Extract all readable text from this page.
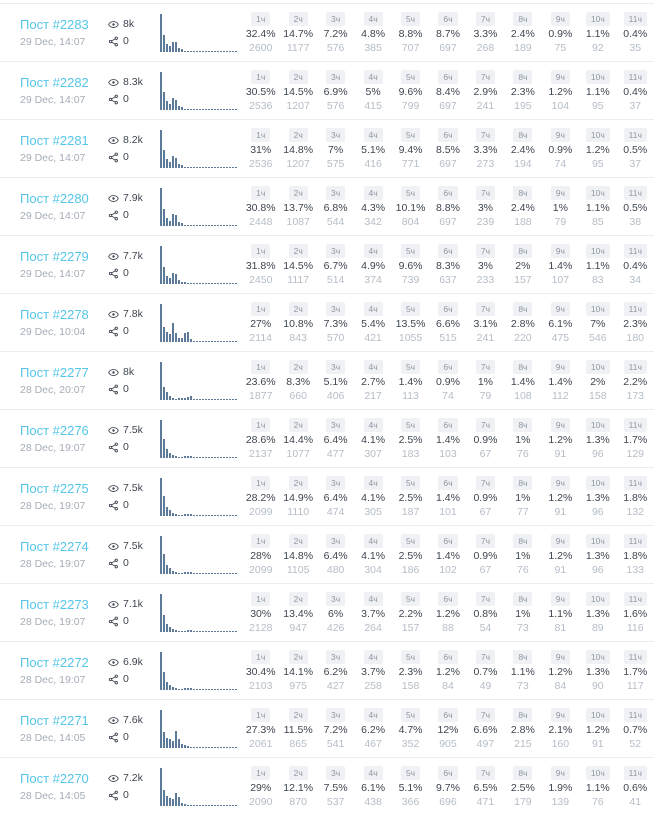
Пост #2283
29 Dec, 14:07
8k
0
1ч
32.4%
2600
2ч
14.7%
1177
3ч
7.2%
576
4ч
4.8%
385
5ч
8.8%
707
6ч
8.7%
697
7ч
3.3%
268
8ч
2.4%
189
9ч
0.9%
75
10ч
1.1%
92
11ч
0.4%
35
Пост #2282
29 Dec, 14:07
8.3k
0
1ч
30.5%
2536
2ч
14.5%
1207
3ч
6.9%
576
4ч
5%
415
5ч
9.6%
799
6ч
8.4%
697
7ч
2.9%
241
8ч
2.3%
195
9ч
1.2%
104
10ч
1.1%
95
11ч
0.4%
37
Пост #2281
29 Dec, 14:07
8.2k
0
1ч
31%
2536
2ч
14.8%
1207
3ч
7%
575
4ч
5.1%
416
5ч
9.4%
771
6ч
8.5%
697
7ч
3.3%
273
8ч
2.4%
194
9ч
0.9%
74
10ч
1.2%
95
11ч
0.5%
37
Пост #2280
29 Dec, 14:07
7.9k
0
1ч
30.8%
2448
2ч
13.7%
1087
3ч
6.8%
544
4ч
4.3%
342
5ч
10.1%
804
6ч
8.8%
697
7ч
3%
239
8ч
2.4%
188
9ч
1%
79
10ч
1.1%
85
11ч
0.5%
38
Пост #2279
29 Dec, 14:07
7.7k
0
1ч
31.8%
2450
2ч
14.5%
1117
3ч
6.7%
514
4ч
4.9%
374
5ч
9.6%
739
6ч
8.3%
637
7ч
3%
233
8ч
2%
157
9ч
1.4%
107
10ч
1.1%
83
11ч
0.4%
34
Пост #2278
29 Dec, 10:04
7.8k
0
1ч
27%
2114
2ч
10.8%
843
3ч
7.3%
570
4ч
5.4%
421
5ч
13.5%
1055
6ч
6.6%
515
7ч
3.1%
241
8ч
2.8%
220
9ч
6.1%
475
10ч
7%
546
11ч
2.3%
180
Пост #2277
28 Dec, 20:07
8k
0
1ч
23.6%
1877
2ч
8.3%
660
3ч
5.1%
406
4ч
2.7%
217
5ч
1.4%
113
6ч
0.9%
74
7ч
1%
79
8ч
1.4%
108
9ч
1.4%
112
10ч
2%
158
11ч
2.2%
173
Пост #2276
28 Dec, 19:07
7.5k
0
1ч
28.6%
2137
2ч
14.4%
1077
3ч
6.4%
477
4ч
4.1%
307
5ч
2.5%
183
6ч
1.4%
103
7ч
0.9%
67
8ч
1%
76
9ч
1.2%
91
10ч
1.3%
96
11ч
1.7%
129
Пост #2275
28 Dec, 19:07
7.5k
0
1ч
28.2%
2099
2ч
14.9%
1110
3ч
6.4%
474
4ч
4.1%
305
5ч
2.5%
187
6ч
1.4%
101
7ч
0.9%
67
8ч
1%
77
9ч
1.2%
91
10ч
1.3%
96
11ч
1.8%
132
Пост #2274
28 Dec, 19:07
7.5k
0
1ч
28%
2099
2ч
14.8%
1105
3ч
6.4%
480
4ч
4.1%
304
5ч
2.5%
186
6ч
1.4%
102
7ч
0.9%
67
8ч
1%
76
9ч
1.2%
91
10ч
1.3%
96
11ч
1.8%
133
Пост #2273
28 Dec, 19:07
7.1k
0
1ч
30%
2128
2ч
13.4%
947
3ч
6%
426
4ч
3.7%
264
5ч
2.2%
157
6ч
1.2%
88
7ч
0.8%
54
8ч
1%
73
9ч
1.1%
81
10ч
1.3%
89
11ч
1.6%
116
Пост #2272
28 Dec, 19:07
6.9k
0
1ч
30.4%
2103
2ч
14.1%
975
3ч
6.2%
427
4ч
3.7%
258
5ч
2.3%
158
6ч
1.2%
84
7ч
0.7%
49
8ч
1.1%
73
9ч
1.2%
84
10ч
1.3%
90
11ч
1.7%
117
Пост #2271
28 Dec, 14:05
7.6k
0
1ч
27.3%
2061
2ч
11.5%
865
3ч
7.2%
541
4ч
6.2%
467
5ч
4.7%
352
6ч
12%
905
7ч
6.6%
497
8ч
2.8%
215
9ч
2.1%
160
10ч
1.2%
91
11ч
0.7%
52
Пост #2270
28 Dec, 14:05
7.2k
0
1ч
29%
2090
2ч
12.1%
870
3ч
7.5%
537
4ч
6.1%
438
5ч
5.1%
366
6ч
9.7%
696
7ч
6.5%
471
8ч
2.5%
179
9ч
1.9%
139
10ч
1.1%
76
11ч
0.6%
41
